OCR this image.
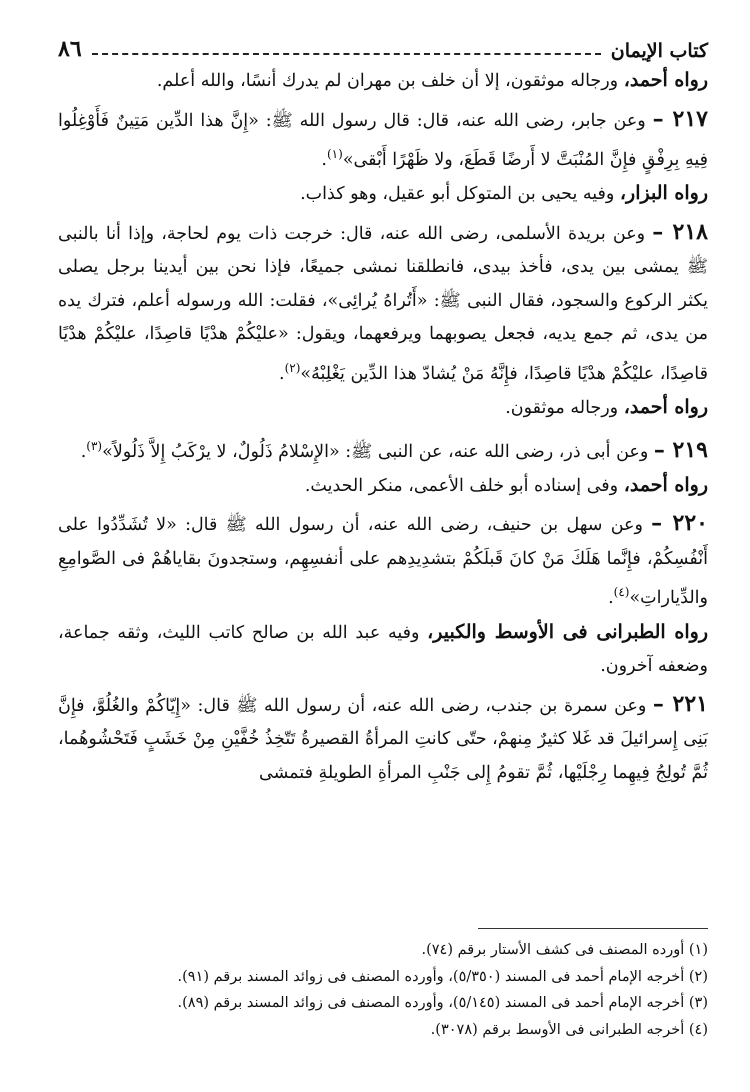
كتاب الإيمان
٨٦

رواه أحمد، ورجاله موثقون، إلا أن خلف بن مهران لم يدرك أنسًا، والله أعلم.

٢١٧ – وعن جابر، رضى الله عنه، قال: قال رسول الله ﷺ: «إِنَّ هذا الدِّين مَتِينٌ فَأَوْغِلُوا فِيهِ بِرِفْقٍ فإِنَّ المُنْبَتَّ لا أَرضًا قَطَعَ، ولا ظَهْرًا أَبْقى»$^{(١)}$.

رواه البزار، وفيه يحيى بن المتوكل أبو عقيل، وهو كذاب.

٢١٨ – وعن بريدة الأسلمى، رضى الله عنه، قال: خرجت ذات يوم لحاجة، وإذا أنا بالنبى ﷺ يمشى بين يدى، فأخذ بيدى، فانطلقنا نمشى جميعًا، فإذا نحن بين أيدينا برجل يصلى يكثر الركوع والسجود، فقال النبى ﷺ: «أَتُراهُ يُرائِى»، فقلت: الله ورسوله أعلم، فترك يده من يدى، ثم جمع يديه، فجعل يصوبهما ويرفعهما، ويقول: «عليْكُمْ هدْيًا قاصِدًا، عليْكُمْ هدْيًا قاصِدًا، عليْكُمْ هدْيًا قاصِدًا، فإِنَّهُ مَنْ يُشادّ هذا الدِّين يَغْلِبْهُ»$^{(٢)}$.

رواه أحمد، ورجاله موثقون.

٢١٩ – وعن أبى ذر، رضى الله عنه، عن النبى ﷺ: «الإِسْلامُ ذَلُولٌ، لا يرْكَبُ إِلاَّ ذَلُولاً»$^{(٣)}$.

رواه أحمد، وفى إسناده أبو خلف الأعمى، منكر الحديث.

٢٢٠ – وعن سهل بن حنيف، رضى الله عنه، أن رسول الله ﷺ قال: «لا تُشَدِّدُوا على أَنْفُسِكُمْ، فإِنَّما هَلَكَ مَنْ كانَ قَبلَكُمْ بتشدِيدِهم على أنفسِهِم، وستجدونَ بقاياهُمْ فى الصَّوامِعِ والدِّياراتِ»$^{(٤)}$.

رواه الطبرانى فى الأوسط والكبير، وفيه عبد الله بن صالح كاتب الليث، وثقه جماعة، وضعفه آخرون.

٢٢١ – وعن سمرة بن جندب، رضى الله عنه، أن رسول الله ﷺ قال: «إِيّاكُمْ والغُلُوَّ، فإِنَّ بَنِى إِسرائيلَ قد غَلا كثيرٌ مِنهمْ، حتّى كانتِ المرأةُ القصيرةُ تَتّخِذُ خُفَّيْنِ مِنْ خَشَبٍ فَتَحْشُوهُما، ثُمَّ تُولِجُ فِيهِما رِجْلَيْها، ثُمَّ تقومُ إِلى جَنْبِ المرأةِ الطويلةِ فتمشى

(١) أورده المصنف فى كشف الأستار برقم (٧٤).

(٢) أخرجه الإمام أحمد فى المسند (٥/٣٥٠)، وأورده المصنف فى زوائد المسند برقم (٩١).

(٣) أخرجه الإمام أحمد فى المسند (٥/١٤٥)، وأورده المصنف فى زوائد المسند برقم (٨٩).

(٤) أخرجه الطبرانى فى الأوسط برقم (٣٠٧٨).
